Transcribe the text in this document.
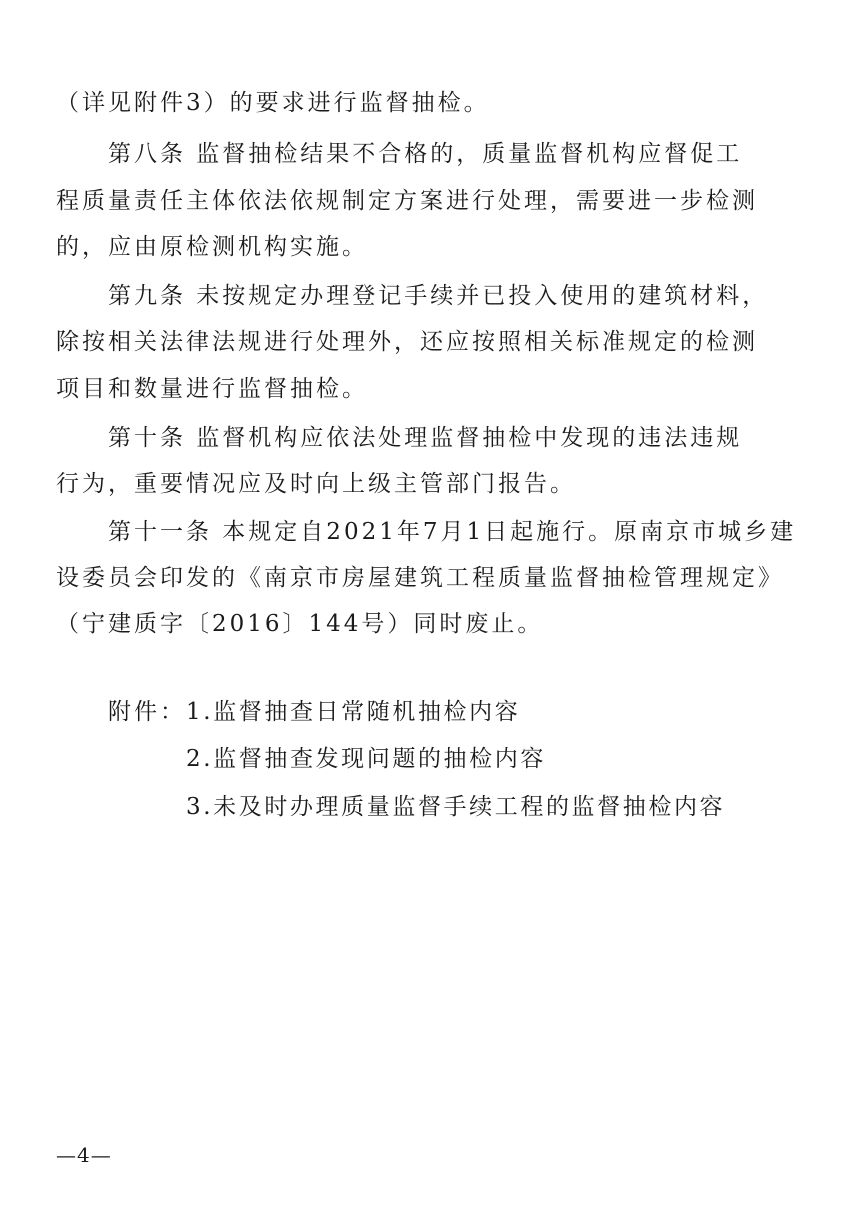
（详见附件3）的要求进行监督抽检。
第八条 监督抽检结果不合格的，质量监督机构应督促工
程质量责任主体依法依规制定方案进行处理，需要进一步检测
的，应由原检测机构实施。
第九条 未按规定办理登记手续并已投入使用的建筑材料，
除按相关法律法规进行处理外，还应按照相关标准规定的检测
项目和数量进行监督抽检。
第十条 监督机构应依法处理监督抽检中发现的违法违规
行为，重要情况应及时向上级主管部门报告。
第十一条 本规定自2021年7月1日起施行。原南京市城乡建
设委员会印发的《南京市房屋建筑工程质量监督抽检管理规定》
（宁建质字〔2016〕144号）同时废止。
附件： 1.监督抽查日常随机抽检内容
2.监督抽查发现问题的抽检内容
3.未及时办理质量监督手续工程的监督抽检内容
—4—
